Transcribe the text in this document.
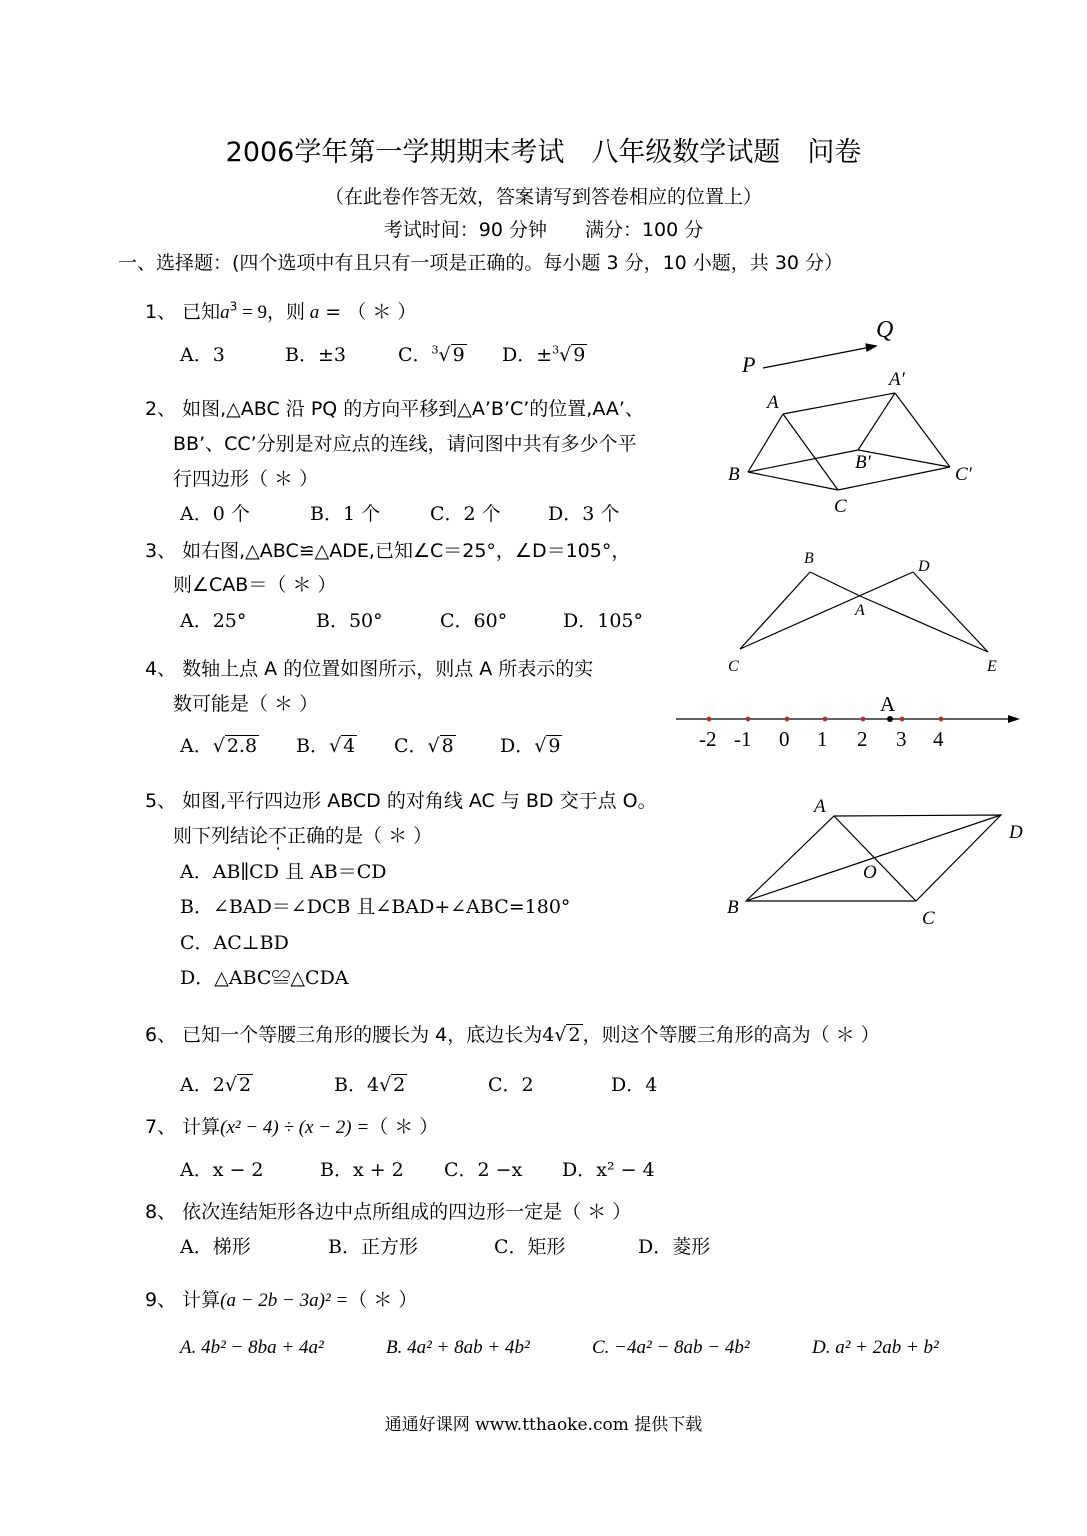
2006学年第一学期期末考试　八年级数学试题　问卷
（在此卷作答无效，答案请写到答卷相应的位置上）
考试时间：90 分钟　　满分：100 分
一、选择题：(四个选项中有且只有一项是正确的。每小题 3 分，10 小题，共 30 分）
1、 已知$a^3 = 9$，则 a = （ ＊ ）
A．3	B．±3	C．$^3$√ 9 D．±$^3$√ 9
2、 如图,△ABC 沿 PQ 的方向平移到△A’B’C’的位置,AA’、
BB’、CC’分别是对应点的连线，请问图中共有多少个平
行四边形（ ＊ ）
A．0 个	B．1 个	C．2 个 D．3 个
3、 如右图,△ABC≌△ADE,已知∠C＝25°，∠D＝105°，
则∠CAB＝（ ＊ ）
A．25°	B．50°	C．60°	D．105°
4、 数轴上点 A 的位置如图所示，则点 A 所表示的实
数可能是（ ＊ ）
A．√ 2.8 B．√ 4 C．√ 8 D．√ 9
5、 如图,平行四边形 ABCD 的对角线 AC 与 BD 交于点 O。
则下列结论不正确的是（ ＊ ）
A．AB∥CD 且 AB＝CD
B．∠BAD＝∠DCB 且∠BAD+∠ABC=180°
C．AC⊥BD
D．△ABC≌△CDA
6、 已知一个等腰三角形的腰长为 4，底边长为4√ 2 ，则这个等腰三角形的高为（ ＊ ）
A．2√ 2	B．4√ 2	C．2	D．4
7、 计算(x² − 4) ÷ (x − 2) =（ ＊ ）
A．x − 2	B．x + 2 C．2 −x D．x² − 4
8、 依次连结矩形各边中点所组成的四边形一定是（ ＊ ）
A．梯形	B．正方形	C．矩形	D．菱形
9、 计算(a − 2b − 3a)² =（ ＊ ）
A. 4b² − 8ba + 4a²	B. 4a² + 8ab + 4b²	C. −4a² − 8ab − 4b²	D. a² + 2ab + b²
P
Q
A
A′
B
B′
C
C′
B	D
A
C	E
A
-2 -1 0 1 2 3 4
A
D
O
B
C
通通好课网 www.tthaoke.com 提供下载
